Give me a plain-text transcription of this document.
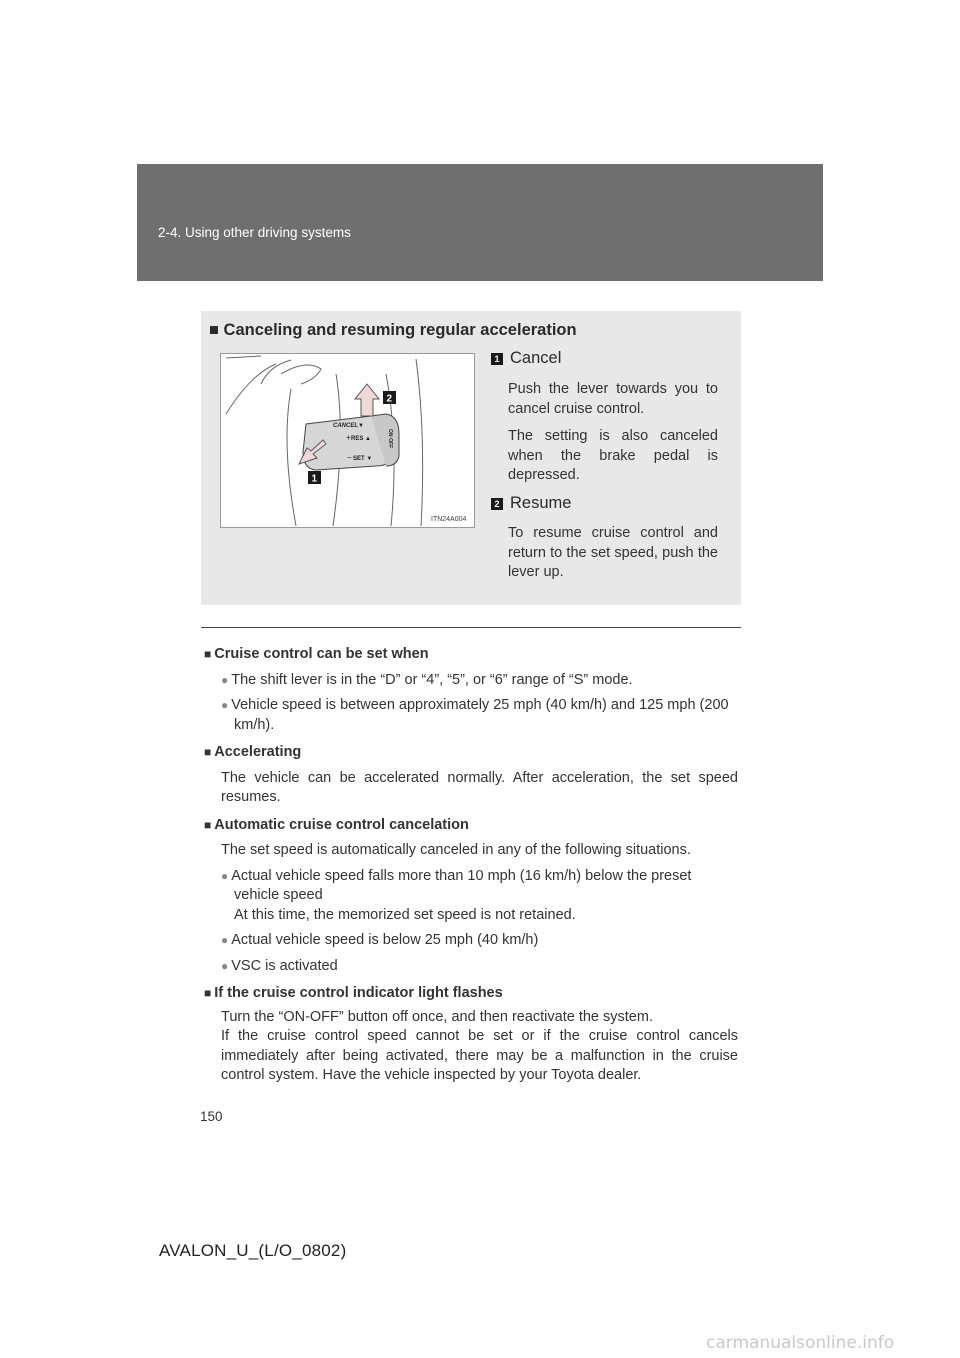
2-4. Using other driving systems
■ Canceling and resuming regular acceleration
CANCEL▼
RES ▲
SET ▼
ON·OFF
+
−
2
1
ITN24A004
1 Cancel

Push the lever towards you to cancel cruise control.

The setting is also canceled when the brake pedal is depressed.

2 Resume

To resume cruise control and return to the set speed, push the lever up.

■ Cruise control can be set when

● The shift lever is in the “D” or “4”, “5”, or “6” range of “S” mode.

● Vehicle speed is between approximately 25 mph (40 km/h) and 125 mph (200 km/h).

■ Accelerating

The vehicle can be accelerated normally. After acceleration, the set speed resumes.

■ Automatic cruise control cancelation

The set speed is automatically canceled in any of the following situations.

● Actual vehicle speed falls more than 10 mph (16 km/h) below the preset vehicle speed
At this time, the memorized set speed is not retained.

● Actual vehicle speed is below 25 mph (40 km/h)

● VSC is activated

■ If the cruise control indicator light flashes

Turn the “ON-OFF” button off once, and then reactivate the system.

If the cruise control speed cannot be set or if the cruise control cancels immediately after being activated, there may be a malfunction in the cruise control system. Have the vehicle inspected by your Toyota dealer.

150
AVALON_U_(L/O_0802)
carmanualsonline.info
